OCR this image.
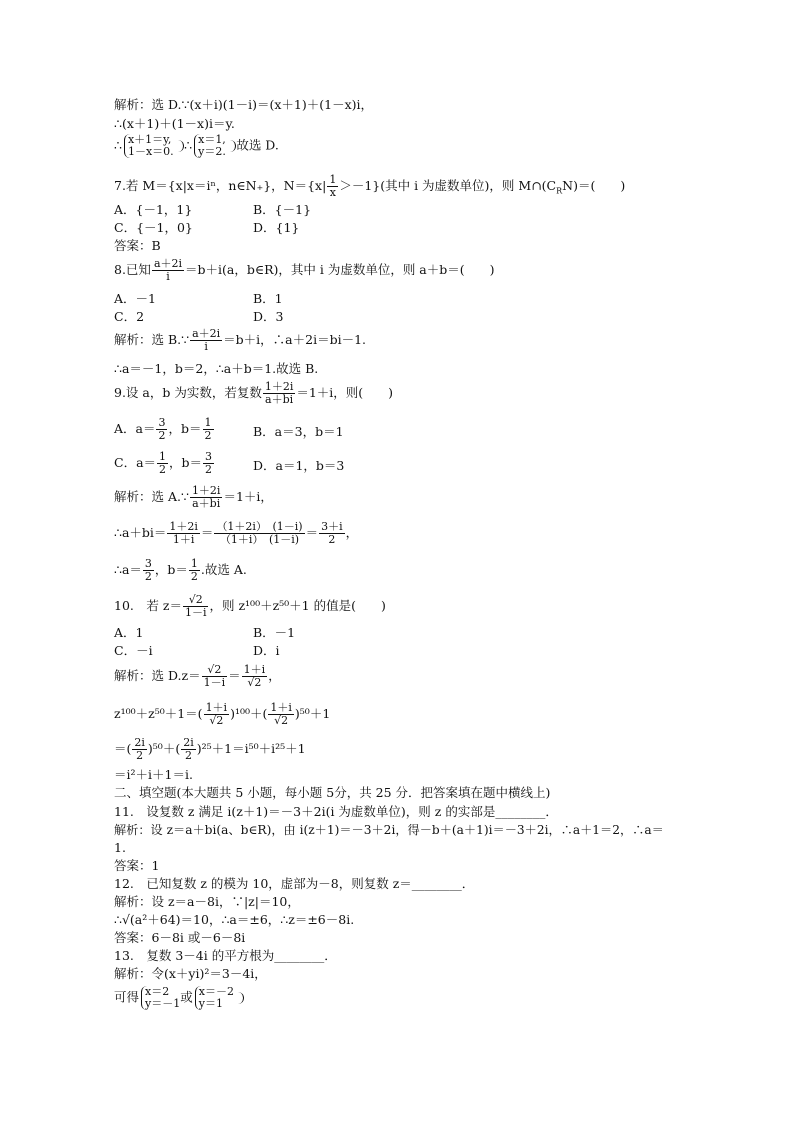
解析：选 D.∵(x＋i)(1－i)＝(x＋1)＋(1－x)i，
∴(x＋1)＋(1－x)i＝y.
∴ x＋1＝y,
1－x＝0. ∴ x＝1,
y＝2. 故选 D.
7.若 M＝{x|x＝iⁿ，n∈N₊}，$N=\{x| \frac{1}{x} >-1\}$(其中 i 为虚数单位)，则 $M\cap(C_RN)=$(　　)
A．{－1，1}	B．{－1}
C．{－1，0}	D．{1}
答案：B
8.已知 $\frac{a+2i}{i} =b+i(a$，b∈R)，其中 i 为虚数单位，则 a＋b＝(　　)
A．－1	B．1
C．2	D．3
解析：选 B.∵ $\frac{a+2i}{i} =b+i$，∴a＋2i＝bi－1.
∴a＝－1，b＝2，∴a＋b＝1.故选 B.
9.设 a，b 为实数，若复数 $\frac{1+2i}{a+bi} =1+i$，则(　　)
A．$a= \frac{3}{2}$ ，$b= \frac{1}{2}$	B．a＝3，b＝1
C．$a= \frac{1}{2}$ ，$b= \frac{3}{2}$	D．a＝1，b＝3
解析：选 A.∵ $\frac{1+2i}{a+bi} =1+i$，
∴a＋bi＝ $\frac{1+2i}{1+i} = \frac{(1+2i) (1-i)}{(1+i) (1-i)} = \frac{3+i}{2}$ ，
∴a＝ $\frac{3}{2}$ ，$b= \frac{1}{2}$ .故选 A.
10.　若 $z= \frac{√2}{1-i}$ ，则 z¹⁰⁰＋z⁵⁰＋1 的值是(　　)
A．1	B．－1
C．－i	D．i
解析：选 $D.z= \frac{√2}{1-i} = \frac{1+i}{√2}$ ，
$z^{100}+z^{50}+1=( \frac{1+i}{√2} )^{100}+( \frac{1+i}{√2} )^{50}+1$
＝( $\frac{2i}{2} )^{50}+( \frac{2i}{2} )^{25}+1=i^{50}+i^{25}+1$
＝i²＋i＋1＝i.
二、填空题(本大题共 5 小题，每小题 5分，共 25 分．把答案填在题中横线上)
11.　设复数 z 满足 i(z＋1)＝－3＋2i(i 为虚数单位)，则 z 的实部是________．
解析：设 z＝a＋bi(a、b∈R)，由 i(z＋1)＝－3＋2i，得－b＋(a＋1)i＝－3＋2i，∴a＋1＝2，∴a＝
1.
答案：1
12.　已知复数 z 的模为 10，虚部为－8，则复数 z＝________．
解析：设 z＝a－8i，∵|z|＝10，
∴√(a²＋64)＝10，∴a＝±6，∴z＝±6－8i.
答案：6－8i 或－6－8i
13.　复数 3－4i 的平方根为________．
解析：令(x＋yi)²＝3－4i，
可得 x＝2
y＝－1或 x＝－2
y＝1
